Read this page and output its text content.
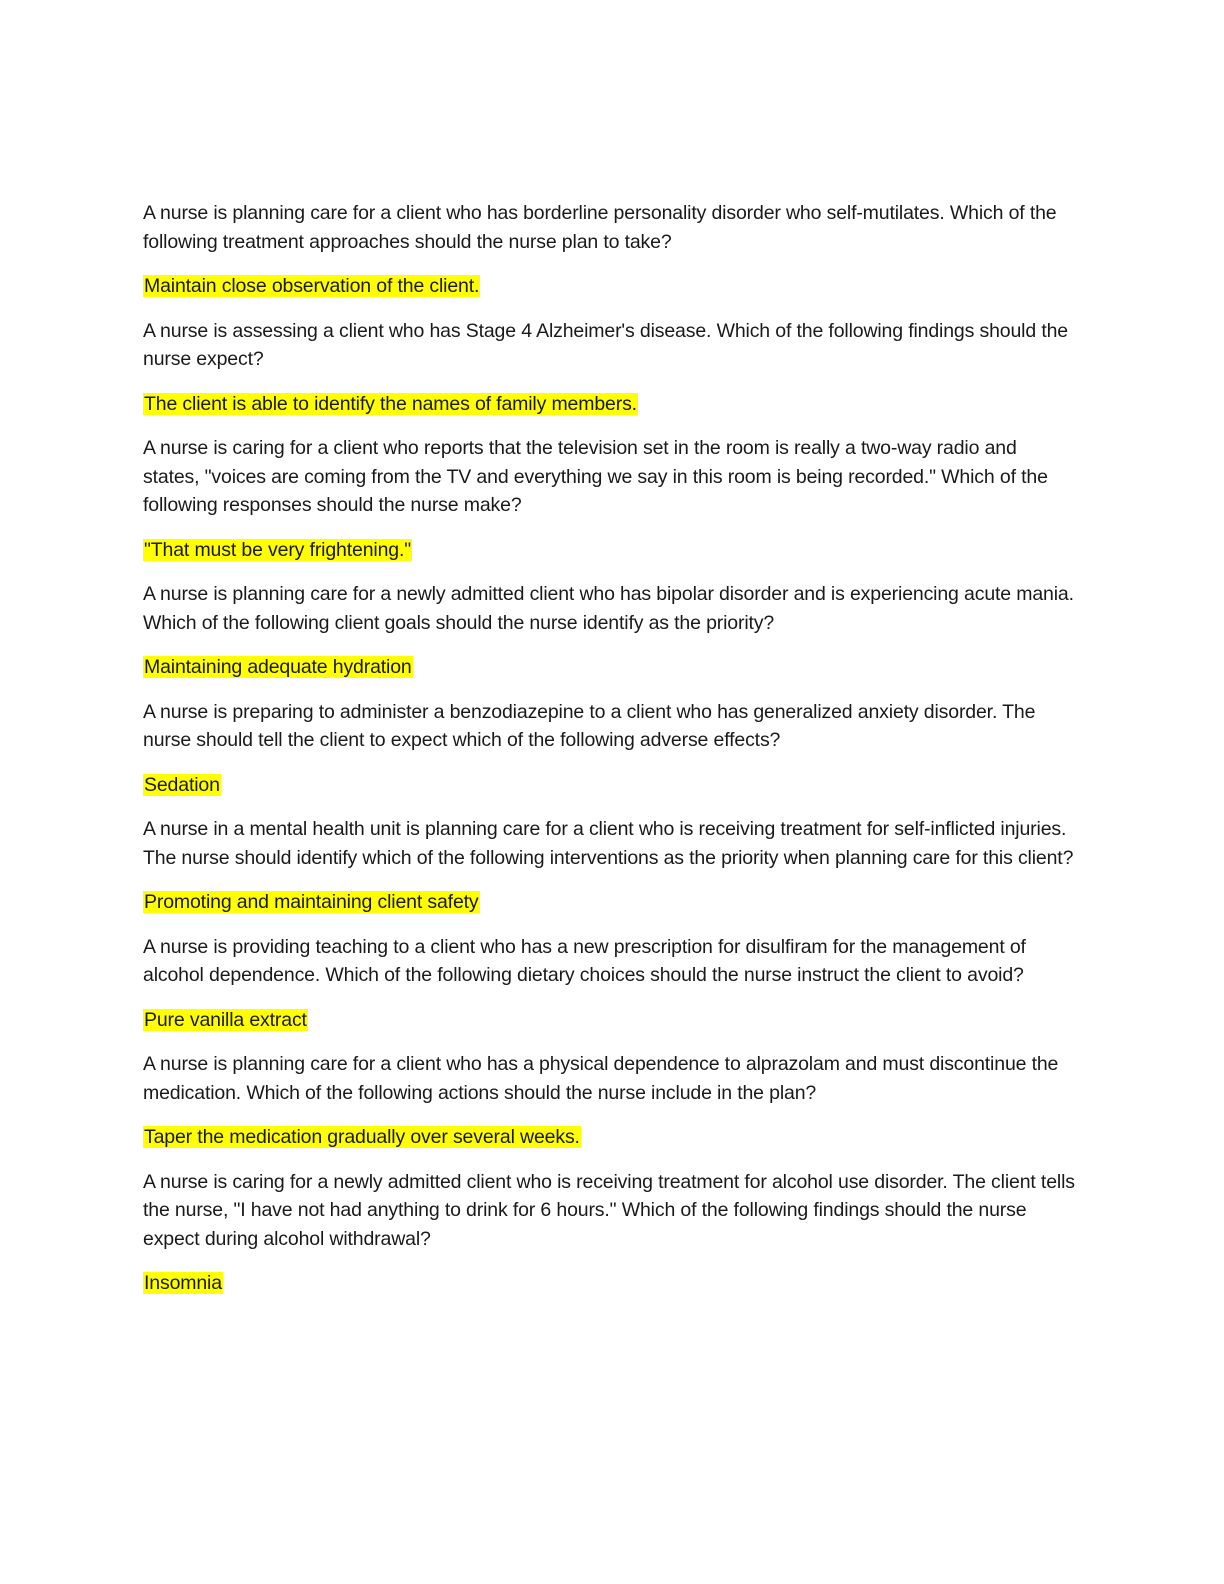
A nurse is planning care for a client who has borderline personality disorder who self-mutilates. Which of the following treatment approaches should the nurse plan to take?

Maintain close observation of the client.

A nurse is assessing a client who has Stage 4 Alzheimer's disease. Which of the following findings should the nurse expect?

The client is able to identify the names of family members.

A nurse is caring for a client who reports that the television set in the room is really a two-way radio and states, "voices are coming from the TV and everything we say in this room is being recorded." Which of the following responses should the nurse make?

"That must be very frightening."

A nurse is planning care for a newly admitted client who has bipolar disorder and is experiencing acute mania. Which of the following client goals should the nurse identify as the priority?

Maintaining adequate hydration

A nurse is preparing to administer a benzodiazepine to a client who has generalized anxiety disorder. The nurse should tell the client to expect which of the following adverse effects?

Sedation

A nurse in a mental health unit is planning care for a client who is receiving treatment for self-inflicted injuries. The nurse should identify which of the following interventions as the priority when planning care for this client?

Promoting and maintaining client safety

A nurse is providing teaching to a client who has a new prescription for disulfiram for the management of alcohol dependence. Which of the following dietary choices should the nurse instruct the client to avoid?

Pure vanilla extract

A nurse is planning care for a client who has a physical dependence to alprazolam and must discontinue the medication. Which of the following actions should the nurse include in the plan?

Taper the medication gradually over several weeks.

A nurse is caring for a newly admitted client who is receiving treatment for alcohol use disorder. The client tells the nurse, "I have not had anything to drink for 6 hours." Which of the following findings should the nurse expect during alcohol withdrawal?

Insomnia
